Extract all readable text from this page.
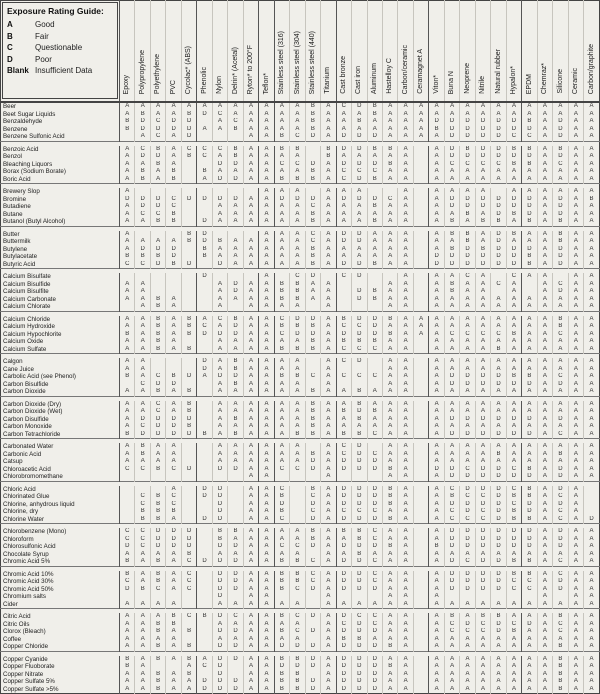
Exposure Rating Guide:
A	Good
B	Fair
C	Questionable
D	Poor
Blank Insufficient Data
	Epoxy	Polypropylene	Polyethylene	PVC	Cycolac* (ABS)	Phenolic	Nylon	Delrin* (Acetal)	Ryton* to 200°F	Teflon*	Stainless steel (316)	Stainless steel (304)	Stainless steel (440)	Titanium	Cast bronze	Cast iron	Aluminum	Hastelloy C	Carbon/ceramic	Ceramagnet A	Viton*	Buna N	Neoprene	Nitrile	Natural rubber	Hypalon*	EPDM	Chemraz*	Silicone	Ceramic	Carbon/graphite
Beer	A	A	A	A	A	A	A	A	A	A	A	A	B	A	C	D	B	A	A	A	A	A	A	A	A	A	A	A	A	A	A
Beet Sugar Liquids	A	B	A	A	B	D	C	A	A	A	A	A	B	A	A	A	B	A	A	A	A	A	A	A	A	A	A	A	A	A	A
Benzaldehyde	B	D	C	D	D		A	C	A	A	A	A	B	A	A	B	A	A	A	A	D	D	D	D	D	D	B	A	D	A	A
Benzene	B	D	D	D	D	A	A	B	A	A	A	A	B	A	A	A	A	A	A	A	B	D	D	D	D	D	D	A	D	A	A
Benzene Sulfonic Acid		A	C	A	D				A	A	B	C	D	A	D	D	D	A	A	A	A	D	D	D	D	C	C	A	D	A	A

Benzoic Acid	A	C	B	A	C	C	C	B	A	A	B	B		B	D	D	B	B	A		A	D	B	D	D	B	B	A	B	A	A
Benzol	A	D	D	A	B	C	A	B	A	A	A	A		B	A	A	A	A	A		A	D	D	D	D	D	D	A	D	A	A
Bleaching Liquors	A	A	B	A			D	D	A	A	C	C	D	A	D	D	D	B	A		A	C	C	C	C	B	B	A	C	A	A
Borax (Sodium Borate)	A	B	A	B		B	A	A	A	A	A	A	B	A	C	C	C	A	A		A	A	A	A	A	A	A	A	A	A	A
Boric Acid	A	B	A	B		A	D	D	A	A	B	B	B	A	C	D	B	A	A		A	A	A	A	A	A	A	A	A	A	A

Brewery Slop	A									A	A	A		A	A	A			A		A	A	A	A		A	A	A	A	A	A
Bromine	D	D	D	C	D	D	D	D	A	A	D	D	D	A	D	D	D	C	A		A	D	D	D	D	D	D	A	D	A	B
Butadiene	A	D	D	C			A	A	A	A	A	A	C	A	A	A	B	A	A		A	D	D	D	D	D	D	A	D	A	A
Butane	A	C	C	B			A	A	A	A	A	A	B	A	A	A	A	A	A		A	A	B	A	D	B	D	A	D	A	A
Butanol (Butyl Alcohol)	A	A	B	B		D	A	A	A	A	A	A	B	A	A	A	B	A	A		A	B	A	B	B	A	B	A	B	A	A

Butter	A				B	D				A	A	A	C	A	D	D	A	A	A		A	B	B	A	D	B	A	A	B	A	A
Buttermilk	A	A	A	A	B	D	B	A	A	A	A	A	C	A	D	D	A	A	A		A	A	B	A	D	A	A	A	B	A	A
Butylene	A	D	D	D		B	A	A	A	A	A	A	B	A	A	A	A	A	A		A	B	D	B	D	D	D	A	D	A	A
Butylacetate	B	B	B	D		B	A	A	A	A	A	A	B	A	A	A	A	A	A		D	D	D	D	D	D	B	A	D	A	A
Butyric Acid	C	C	D	B	D		D	A	A	A	A	A	B	A	D	D	B	A	A		D	D	D	D	D	D	B	A	D	A	A

Calcium Bisulfate						D				A		C	D		C	D			A		A	A	C	A		C	A	A		A	A
Calcium Bisulfide	A	A					A	D	A	A	B	B	A	A				A	A		A	B	A	A	C	A		A	C	A	A
Calcium Bisulfite	A	A					A	D	A	A	B	B	A	A		D	B	A	A		A	B	A	A		A		A	D	A	A
Calcium Carbonate	A	A	B	A			A	A	A	A	B	B	A	A		D	B	A	A		A	A	A	A	A	A	A	A	A	A	A
Calcium Chlorate		A	B	A			A		A	A	A	A		A				A	A		A	A	A	A	A	A	A	A	A	A	A

Calcium Chloride	A	A	B	A	B	A	C	B	A	A	C	D	D	A	B	D	D	B	A	A	A	A	A	A	A	A	A	A	B	A	A
Calcium Hydroxide	A	A	B	A	B	C	A	D	A	A	B	B	B	A	C	C	D	A	A	A	A	A	A	A	A	A	A	A	B	A	A
Calcium Hypochlorite	B	A	B	A	B	D	D	D	A	A	C	D	D	A	D	D	D	B	A	A	A	C	C	C	C	B	A	A	C	A	A
Calcium Oxide	A	A	B	A			A	A	A	A	A	A	B	A	B	B	B	A	A		A	A	A	A	A	A	A	A	A	A	A
Calcium Sulfate	A	A	B	A	B		A	A	A	A	B	B	B	A	C	C	C	A	A		A	A	A	A	B	A	A	A	A	A	A

Calgon	A	A				D	A	B	A	A	A	A		A	C	D		A	A		A	A	A	A	A	A	A	A	A	A	A
Cane Juice	A	A				D	A	B	A	A	A	A		A				A	A		A	A	A	A	A	A	A	A	A	A	A
Carbolic Acid (see Phenol)	B	A	C	B	D	A	D	D	A	A	B	B	C	A	C	C	C	A	A		A	D	D	D	D	B	B	A	C	A	A
Carbon Bisulfide		C	D	D			A	B	A	A	A	A		A				A	A		A	D	D	D	D	D	D	A	D	A	A
Carbon Dioxide	A	A	B	A	B		A	A	A	A	A	A	B	A	A	B	A	A	A		A	A	A	A	A	A	A	A	A	A	A

Carbon Dioxide (Dry)	A	A	C	A	B		A	A	A	A	A	A	B	A	A	B	A	A	A		A	A	A	A	A	A	A	A	A	A	A
Carbon Dioxide (Wet)	A	A	C	A	B		A	A	A	A	A	A	B	A	B	D	B	A	A		A	A	A	A	A	A	A	A	A	A	A
Carbon Disulfide	A	D	D	D	D		A	B	A	A	A	A	B	A	A	B	A	A	A		A	D	D	D	D	D	D	A	D	A	A
Carbon Monoxide	A	C	D	D	B		A	A	A	A	A	A	B	A	A	A	A	A	A		A	A	A	A	A	A	A	A	A	A	A
Carbon Tetrachloride	B	D	D	D	D	B	A	B	A	A	A	B	B	A	B	B	C	A	A		A	D	D	D	D	D	D	A	C	A	A

Carbonated Water	A	B	A	A			A	A	A	A	A	A		A	C	D		A	A		A	A	A	A	A	A	A	A	A	A	A
Carbonic Acid	A	B	A	A			A	A	A	A	A	A	B	A	C	D	C	A	A		A	A	A	A	B	A	A	A	B	A	A
Catsup	A	A	A	A			A	A	A	A	A	A	D	A	D	D	D	A	A		A	A	A	A	A	A	A	A	A	A	A
Chloroacetic Acid	C	C	B	C	D		D	D	A	A	C	C	D	A	D	D	D	B	A		D	D	C	D	D	C	B	A	D	A	A
Chlorobromomethane									A	A				A				A	A		A	D	D	D	D	D	D	A	D	A	A

Chloric Acid				A		D	D		A	A	C		B	A	D	D	D	B	A		A	C	D	D	D	C	B	A	D	A	
Chlorinated Glue		C	B	C		D	D		A	A	B		C	A	D	D	D	B	A		A	B	C	C	D	B	B	A	C	A	
Chlorine, anhydrous liquid		C	B	C			D		A	A	D		D	A	D	D	D	B	A		A	D	D	D	D	C	D	A	D	A	
Chlorine, dry		B	B	B			D		A	A	B		C	A	C	C	C	A	A		A	C	D	C	D	B	D	A	C	A	
Chlorine Water		B	B	A		D	D		A	A	C		D	A	D	D	D	B	A		A	C	C	C	D	B	B	A	C	A	D

Chlorobenzene (Mono)	C	C	D	D	D		B	B	A	A	A	A	B	A	B	B	C	A	A		A	D	D	D	D	D	D	A	D	A	A
Chloroform	C	C	D	D	D		B	A	A	A	A	A	B	A	A	B	C	A	A		A	D	D	D	D	D	D	A	D	A	A
Chlorosulfonic Acid	D	C	D	D	D		D	D	A	A	C	C	D	A	D	D	D	B	A		B	D	D	D	D	D	D	A	D	A	A
Chocolate Syrup	A	A	A	A	B		A	A	A	A	A	A		A	A	B	A	A	A		A	A	A	A	A	A	A	A	A	A	A
Chromic Acid 5%	B	A	B	A	C	D	D	D	A	A	B	B	C	A	D	D	C	A	A		A	D	C	D	D	B	B	A	C	A	A

Chromic Acid 10%	B	A	B	A	C		D	D	A	A	B	B	C	A	D	D	C	A	A		A	D	D	D	D	B	B	A	C	A	A
Chromic Acid 30%	C	A	B	A	C		D	D	A	A	B	B	C	A	D	D	C	A	A		A	D	D	D	D	C	C	A	D	A	A
Chromic Acid 50%	D	B	C	A	C		D	D	A	A	B	C	D	A	D	D	D	A	A		A	D	D	D	D	C	C	A	D	A	A
Chromium salts							D		A	A				A				A	A		A							A		A	A
Cider	A	A	A	A			A	A	A	A	A	A		A	A	A	A	A	A		A	A	A	A	A	A	A	A	A	A	A

Citric Acid	A	A	A	B	C	B	D	C	A	A	B	C	D	A	D	C	C	A	A		A	B	A	B	B	A	A	A	B	A	A
Citric Oils	A	A	B	B			A	A	A	A	A	A		A	C	D	C	A	A		A	C	D	C	D	C	D	A	C	A	A
Clorox (Bleach)	A	A	B	A	B		D	D	A	A	B	C	D	A	D	D	D	A	A		A	C	C	C	D	B	A	A	C	A	A
Coffee	A	A	A	A			A	A	A	A	A	A		A	B	B	A	A	A		A	A	A	A	A	A	A	A	A	A	A
Copper Chloride	A	A	B	A	B		D	D	A	A	D	D	D	A	D	D	D	B	A		A	A	A	A	A	A	A	A	B	A	A

Copper Cyanide	B	A	B	A	B	A	D	D	A	A	B	B	D	A	D	D	D	A	A		A	A	A	A	A	A	A	A	B	A	A
Copper Fluoborate	B	A			A	C	D		A	A	D	D	D	A	D	D	D	B	A		A	A	A	A	A	A	A	A	B	A	A
Copper Nitrate	A	A	B	A	B		D		A	A	B	B		A	D	D	D	A	A		A	A	A	A	A	A	A	A	B	A	A
Copper Sulfate 5%	A	A	B	A	A	D	D	D	A	A	B	B	D	A	D	D	D	A	A		A	A	A	A	A	A	A	A	B	A	A
Copper Sulfate >5%	A	A	B	A	A	D	D	D	A	A	B	B	D	A	D	D	D	A	A		A	A	A	A	A	A	A	A	B	A	A
